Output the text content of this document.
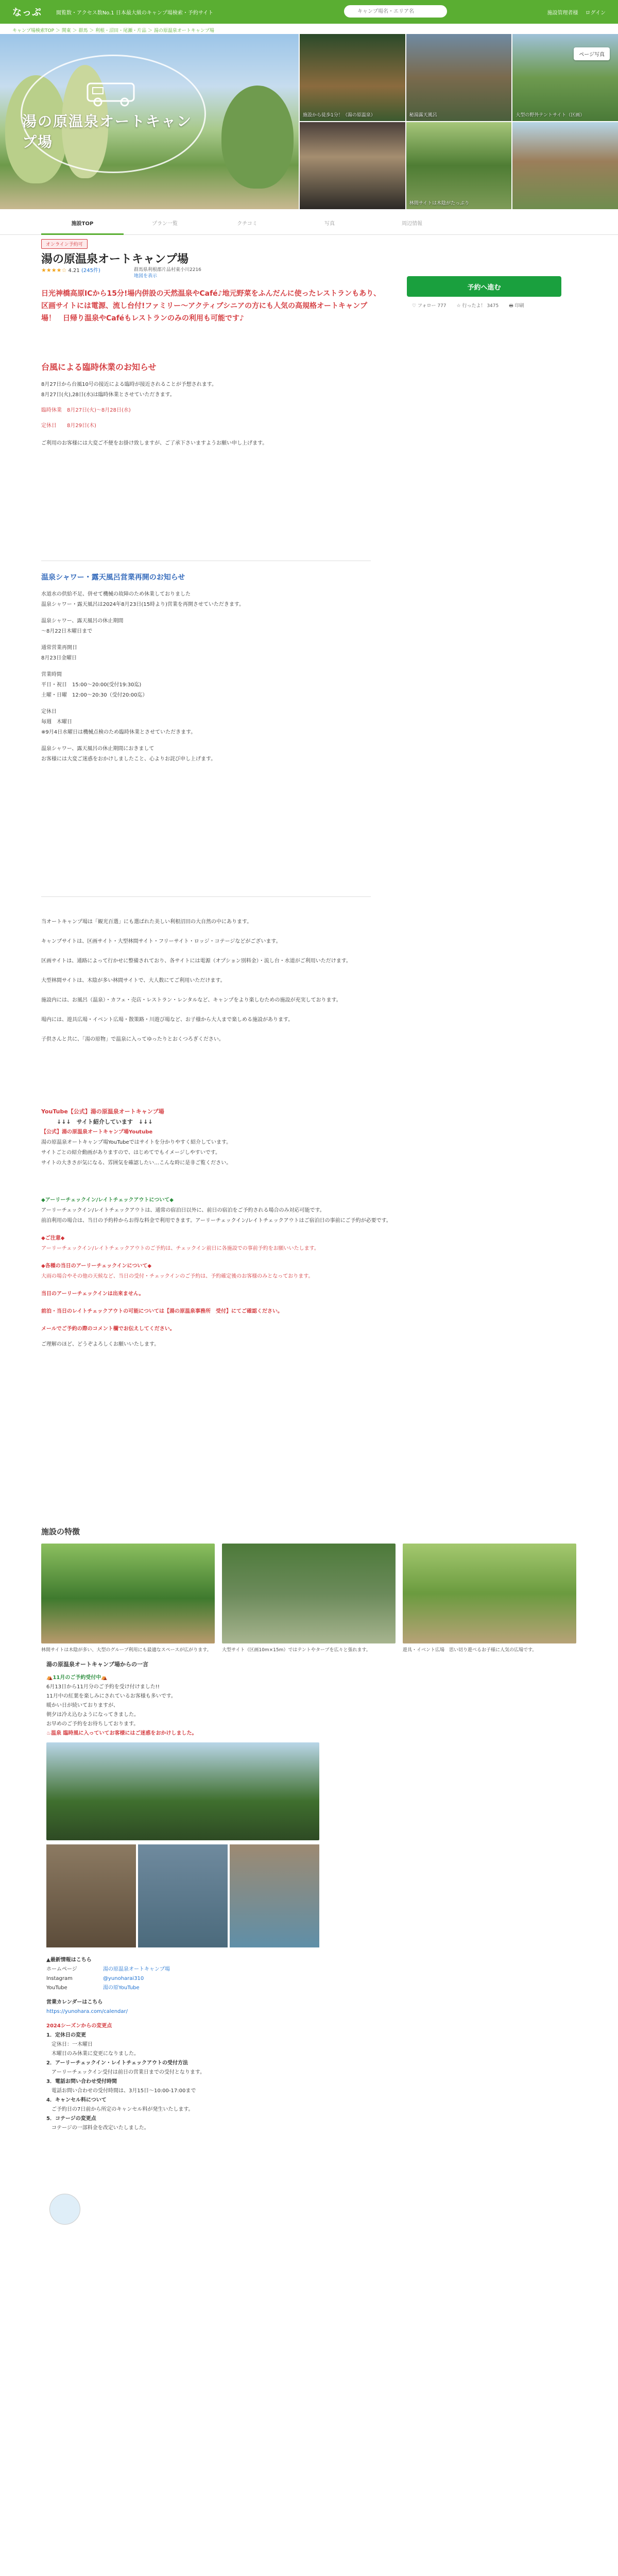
なっぷ	閲覧数・アクセス数No.1 日本最大級のキャンプ場検索・予約サイト
キャンプ場名・エリア名	施設管理者様 ログイン
キャンプ場検索TOP ＞ 関東 ＞ 群馬 ＞ 利根・沼田・尾瀬・片品 ＞ 湯の原温泉オートキャンプ場
湯の原温泉オートキャンプ場
施設から徒歩1分！（湯の原温泉）	秘湯露天風呂	大型の野外テントサイト（区画）
林間サイトは木陰がたっぷり
ページ写真
施設TOP	プラン一覧	クチコミ	写真	周辺情報
オンライン予約可
湯の原温泉オートキャンプ場
★★★★☆ 4.21 (245件)	群馬県利根郡片品村東小川2216
地図を表示
予約へ進む
♡ フォロー 777 ☆ 行ったよ！ 3475 🖶 印刷
日光神橋高原ICから15分!場内併設の天然温泉やCafé♪地元野菜をふんだんに使ったレストランもあり、区画サイトには電源、流し台付!ファミリー〜アクティブシニアの方にも人気の高規格オートキャンプ場！　日帰り温泉やCaféもレストランのみの利用も可能です♪
台風による臨時休業のお知らせ
8月27日から台風10号の接近による臨時が接近されることが予想されます。
8月27日(火),28日(水)は臨時休業とさせていただきます。
臨時休業　8月27日(火)〜8月28日(水)
定休日　　8月29日(木)
ご利用のお客様には大変ご不便をお掛け致しますが、ご了承下さいますようお願い申し上げます。
温泉シャワー・露天風呂営業再開のお知らせ
水道水の供給不足、併せて機械の故障のため休業しておりました
温泉シャワー・露天風呂は2024年8月23日(15時より)営業を再開させていただきます。
温泉シャワー、露天風呂の休止期間
〜8月22日木曜日まで
通常営業再開日
8月23日金曜日
営業時間
平日・祝日　15:00〜20:00(受付19:30迄)
土曜・日曜　12:00〜20:30（受付20:00迄）
定休日
毎週　木曜日
※9月4日水曜日は機械点検のため臨時休業とさせていただきます。
温泉シャワー、露天風呂の休止期間におきまして
お客様には大変ご迷惑をおかけしましたこと、心よりお詫び申し上げます。
当オートキャンプ場は「観光百選」にも選ばれた美しい利根沼田の大自然の中にあります。
キャンプサイトは、区画サイト・大型林間サイト・フリーサイト・ロッジ・コテージなどがございます。
区画サイトは、通路によって行かせに整備されており、各サイトには電源（オプション別料金）・流し台・水道がご利用いただけます。
大型林間サイトは、木陰が多い林間サイトで、大人数にてご利用いただけます。
施設内には、お風呂（温泉）・カフェ・売店・レストラン・レンタルなど、キャンプをより楽しむための施設が充実しております。
場内には、遊具広場・イベント広場・散策路・川遊び場など、お子様から大人まで楽しめる施設があります。
子供さんと共に、「湯の原物」で温泉に入ってゆったりとおくつろぎください。
YouTube【公式】湯の原温泉オートキャンプ場
↓↓↓　サイト紹介しています　↓↓↓
【公式】湯の原温泉オートキャンプ場Youtube
湯の原温泉オートキャンプ場YouTubeではサイトを分かりやすく紹介しています。
サイトごとの紹介動画がありますので、はじめてでもイメージしやすいです。
サイトの大きさが気になる、雰囲気を確認したい…こんな時に是非ご覧ください。
◆アーリーチェックイン/レイトチェックアウトについて◆
アーリーチェックイン/レイトチェックアウトは、通常の宿泊日以外に、前日の宿泊をご予約される場合のみ対応可能です。
前泊利用の場合は、当日の予約枠からお得な料金で利用できます。アーリーチェックイン/レイトチェックアウトはご宿泊日の事前にご予約が必要です。
◆ご注意◆
アーリーチェックイン/レイトチェックアウトのご予約は、チェックイン前日に各施設での事前予約をお願いいたします。
◆各種の当日のアーリーチェックインについて◆
大雨の場合やその他の天候など、当日の受付・チェックインのご予約は、予約確定後のお客様のみとなっております。
当日のアーリーチェックインは出来ません。
前泊・当日のレイトチェックアウトの可能については【湯の原温泉事務所　受付】にてご確認ください。
メールでご予約の際のコメント欄でお伝えしてください。
ご理解のほど、どうぞよろしくお願いいたします。
施設の特徴
林間サイトは木陰が多い、大型のグループ利用にも最適なスペースが広がります。	大型サイト（区画10m×15m）ではテントやタープを広々と張れます。	遊具・イベント広場　思い切り遊べるお子様に人気の広場です。
湯の原温泉オートキャンプ場からの一言
⛺11月のご予約受付中⛺
6月13日から11月分のご予約を受け付けました!!
11月中の紅葉を楽しみにされているお客様も多いです。
暖かい日が続いておりますが、
朝夕は冷え込むようになってきました。
お早めのご予約をお待ちしております。
♨温泉 臨時風に入っていてお客様にはご迷惑をおかけしました。
▲最新情報はこちら
ホームページ	湯の原温泉オートキャンプ場
Instagram	@yunoharai310
YouTube	湯の原YouTube
営業カレンダーはこちら
https://yunohara.com/calendar/
2024シーズンからの変更点
1．定休日の変更
　定休日：一木曜日
　木曜日のみ休業に変更になりました。
2．アーリーチェックイン・レイトチェックアウトの受付方法
　アーリーチェックイン受付は前日の営業日までの受付となります。
3．電話お問い合わせ受付時間
　電話お問い合わせの受付時間は、3月15日〜10:00-17:00まで
4．キャンセル料について
　ご予約日の7日前から所定のキャンセル料が発生いたします。
5．コテージの変更点
　コテージの一部料金を改定いたしました。
